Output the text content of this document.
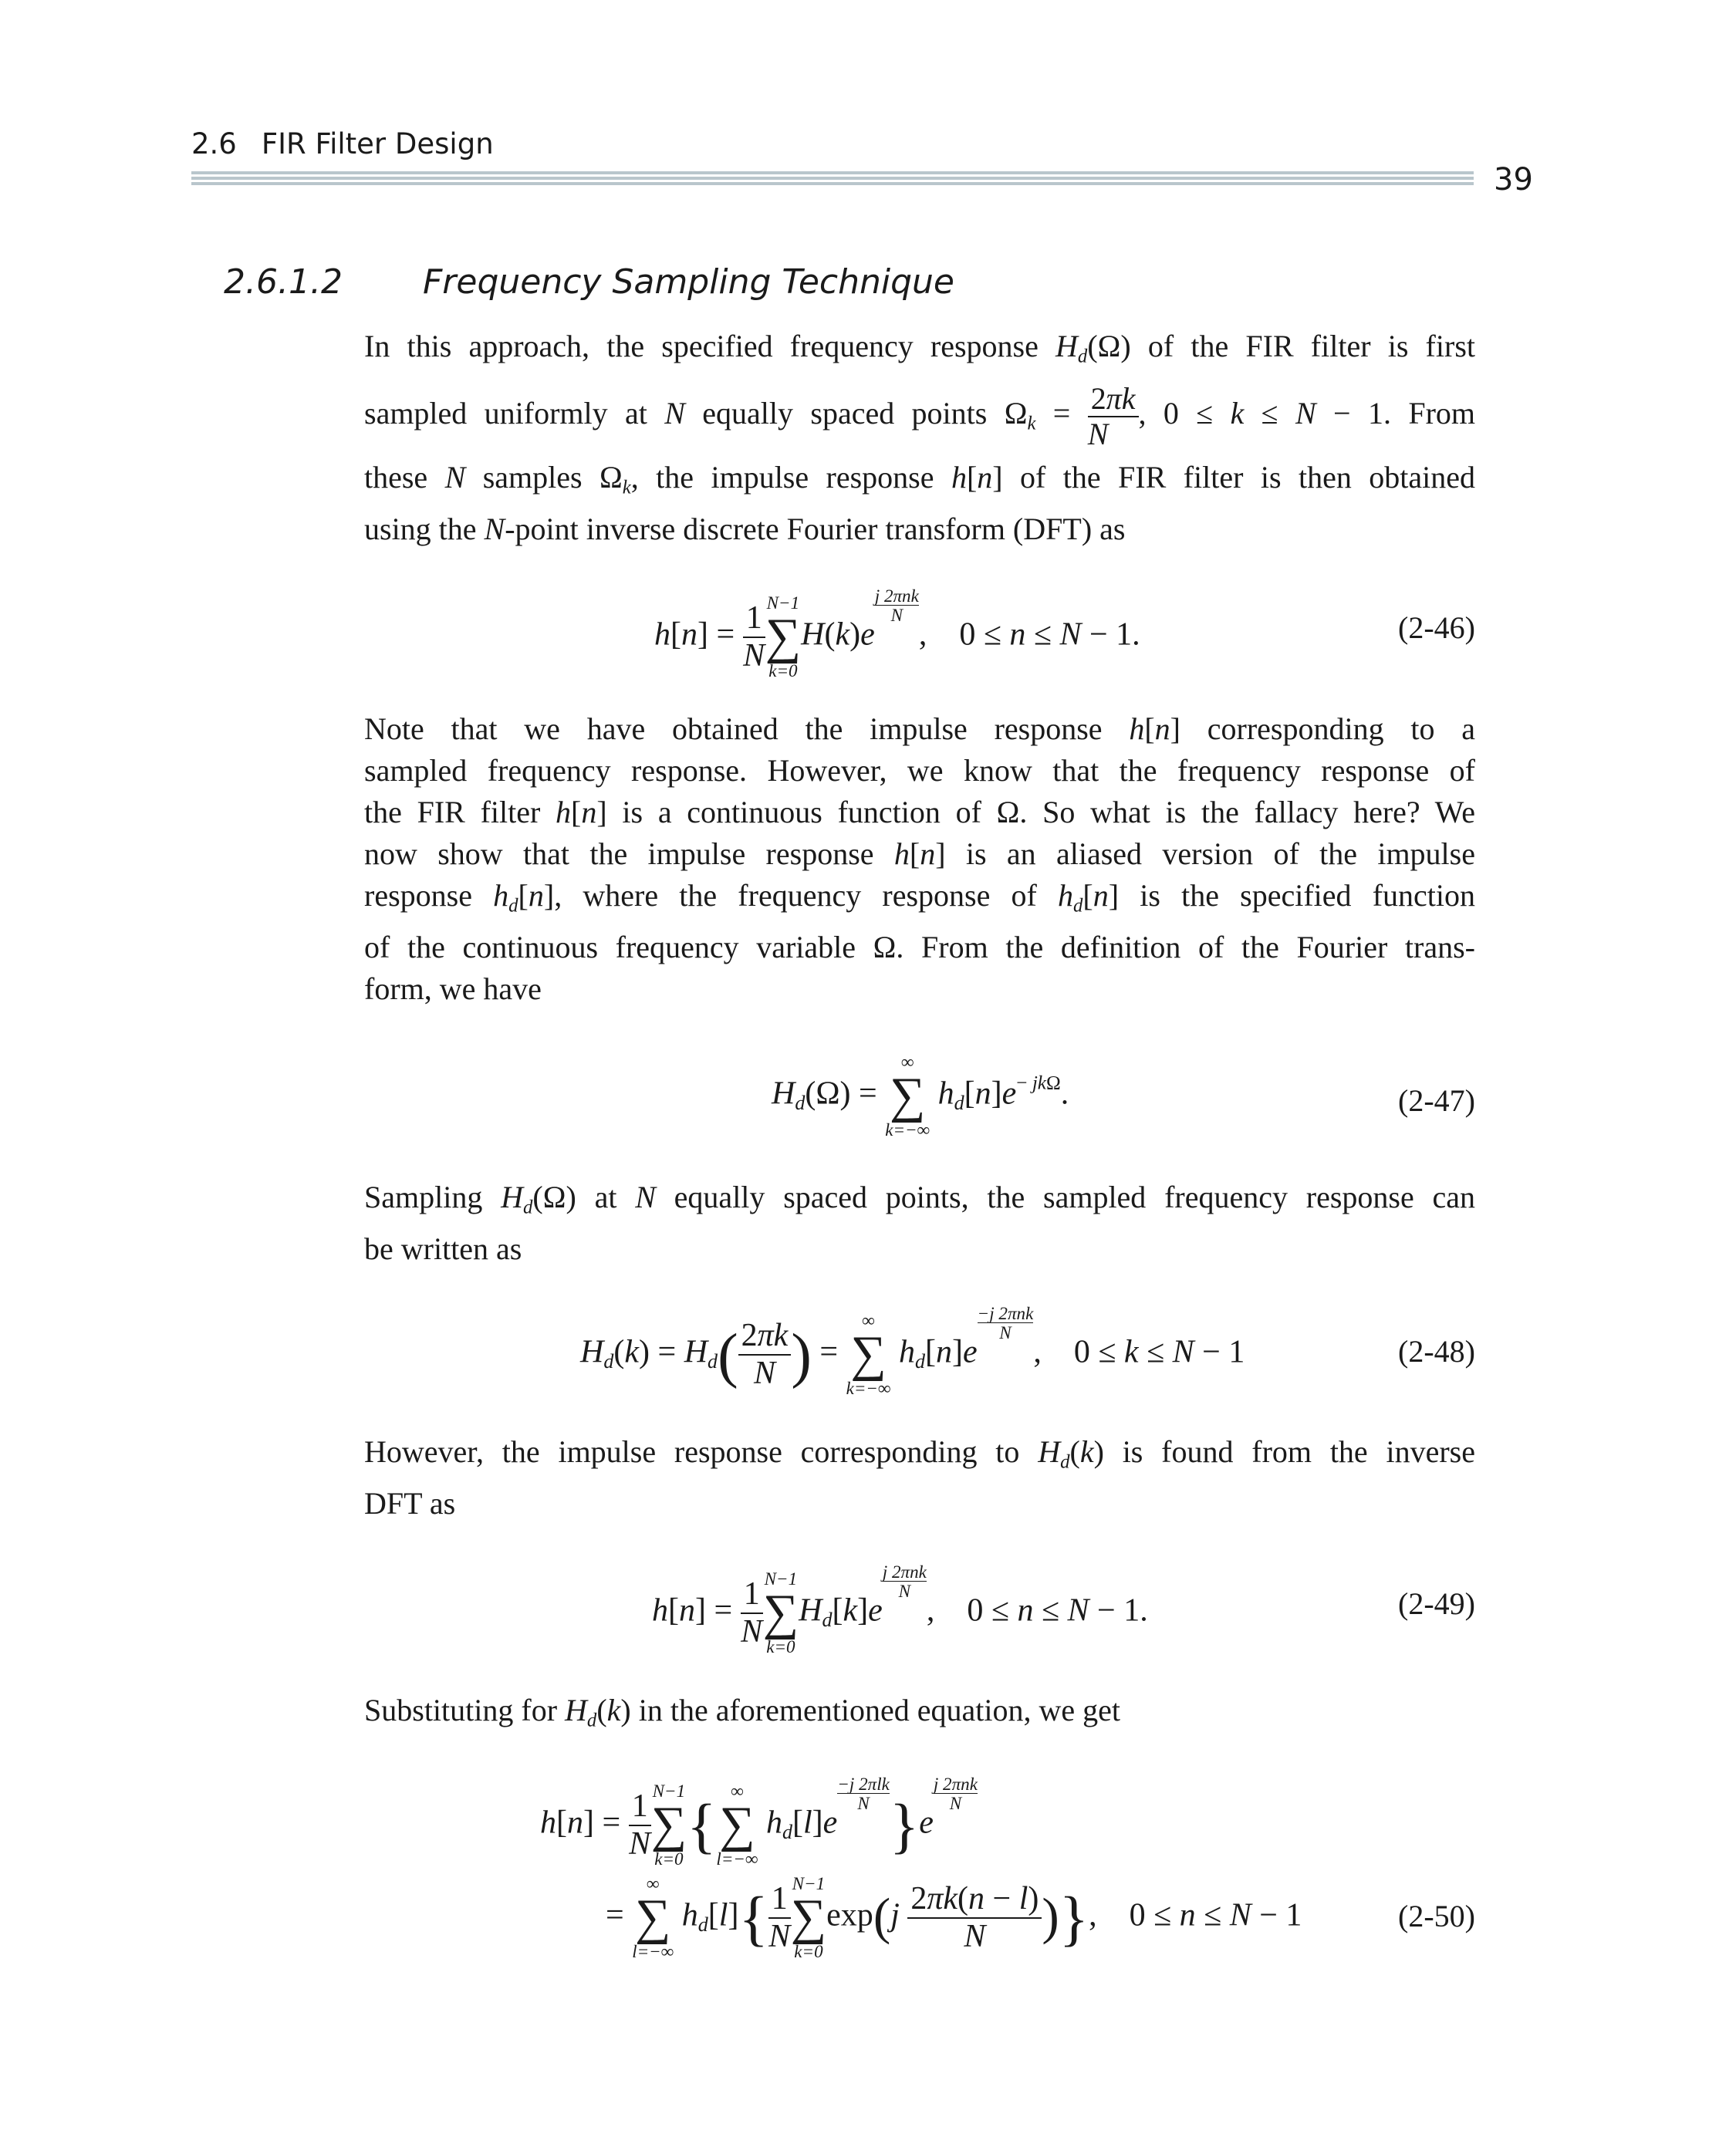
2.6 FIR Filter Design
39
2.6.1.2 Frequency Sampling Technique
In this approach, the specified frequency response $H_d(\Omega)$ of the FIR filter is first
sampled uniformly at N equally spaced points $\Omega_k = \frac{2\pi k}{N}$ , 0 ≤ k ≤ N − 1. From
these N samples $\Omega_k$, the impulse response h[n] of the FIR filter is then obtained
using the N-point inverse discrete Fourier transform (DFT) as
$h[n] = \frac{1}{N} N-1$
∑
k=0
H(k)e
j 2πnk
N
,    0 ≤ n ≤ N − 1.	(2-46)
Note that we have obtained the impulse response h[n] corresponding to a
sampled frequency response. However, we know that the frequency response of
the FIR filter h[n] is a continuous function of Ω. So what is the fallacy here? We
now show that the impulse response h[n] is an aliased version of the impulse
response $h_d[n]$, where the frequency response of $h_d[n]$ is the specified function
of the continuous frequency variable Ω. From the definition of the Fourier trans-
form, we have
$H_d(\Omega)$ =
∞
∑
k=−∞
$h_d[n]e^{- jk\Omega}$.	(2-47)
Sampling $H_d(\Omega)$ at N equally spaced points, the sampled frequency response can
be written as
$H_d(k) = H_d( \frac{2\pi k}{N}$ ) =
∞
∑
k=−∞
$h_d[n]e$
−j 2πnk
N
,    0 ≤ k ≤ N − 1	(2-48)
However, the impulse response corresponding to $H_d(k)$ is found from the inverse
DFT as
$h[n] = \frac{1}{N} N-1$
∑
k=0
$H_d[k]e$
j 2πnk
N
,    0 ≤ n ≤ N − 1.	(2-49)
Substituting for $H_d(k)$ in the aforementioned equation, we get
$h[n] = \frac{1}{N} N-1$
∑
k=0 {
∞
∑
l=−∞
$h_d[l]e$
−j 2πlk
N }e
j 2πnk
N
=
∞
∑
l=−∞
$h_d[l]\{ \frac{1}{N} N-1$
∑
k=0
$\exp(j \frac{2\pi k(n - l)}{N}$ )},    0 ≤ n ≤ N − 1	(2-50)
